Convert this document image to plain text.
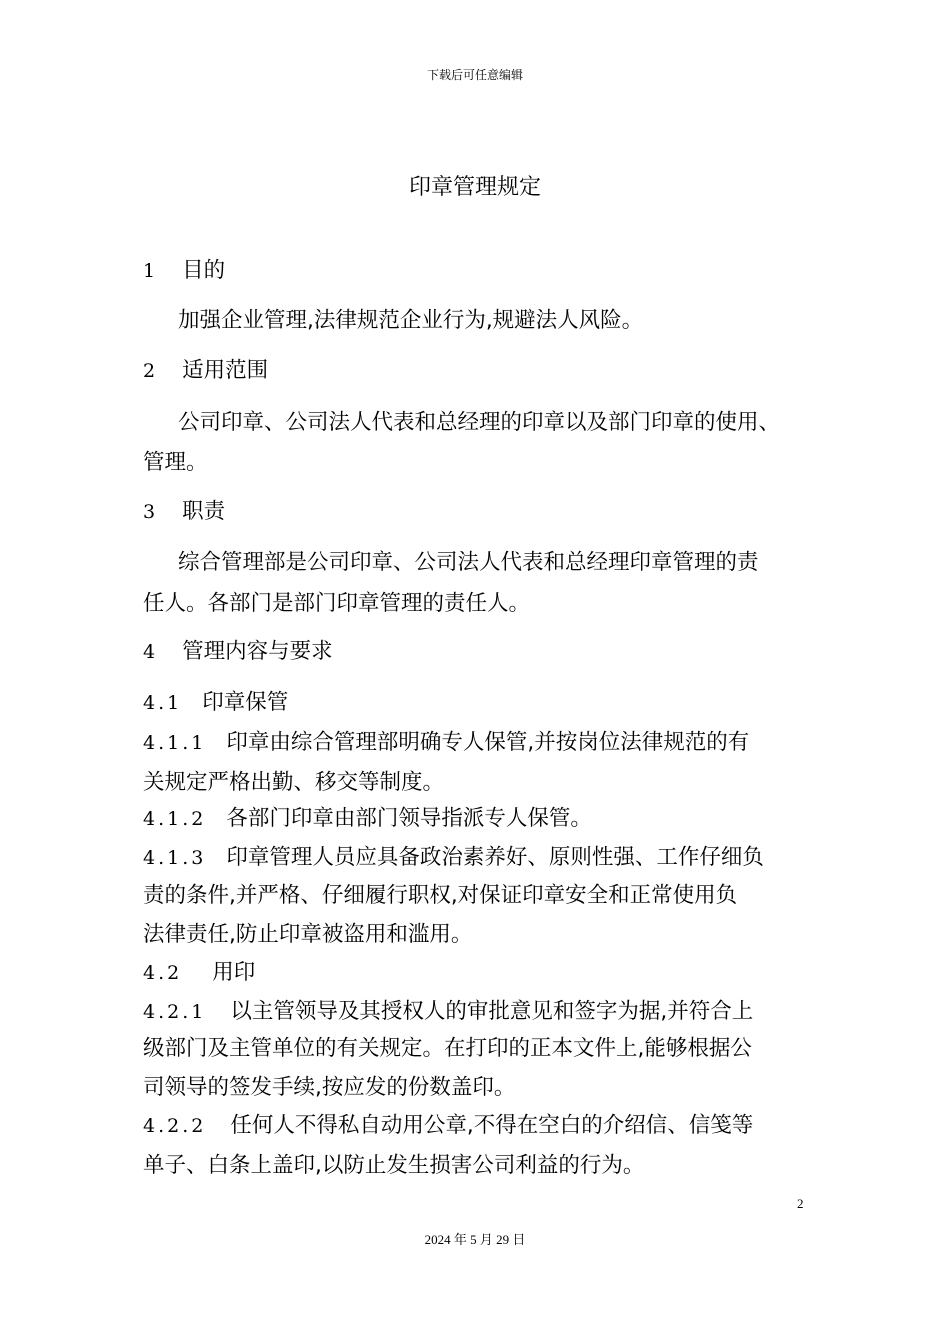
下载后可任意编辑
印章管理规定
1 目的
加强企业管理,法律规范企业行为,规避法人风险。
2 适用范围
公司印章、公司法人代表和总经理的印章以及部门印章的使用、
管理。
3 职责
综合管理部是公司印章、公司法人代表和总经理印章管理的责
任人。各部门是部门印章管理的责任人。
4 管理内容与要求
4.1 印章保管
4.1.1 印章由综合管理部明确专人保管,并按岗位法律规范的有
关规定严格出勤、移交等制度。
4.1.2 各部门印章由部门领导指派专人保管。
4.1.3 印章管理人员应具备政治素养好、原则性强、工作仔细负
责的条件,并严格、仔细履行职权,对保证印章安全和正常使用负
法律责任,防止印章被盗用和滥用。
4.2 用印
4.2.1 以主管领导及其授权人的审批意见和签字为据,并符合上
级部门及主管单位的有关规定。在打印的正本文件上,能够根据公
司领导的签发手续,按应发的份数盖印。
4.2.2 任何人不得私自动用公章,不得在空白的介绍信、信笺等
单子、白条上盖印,以防止发生损害公司利益的行为。
2
2024 年 5 月 29 日
